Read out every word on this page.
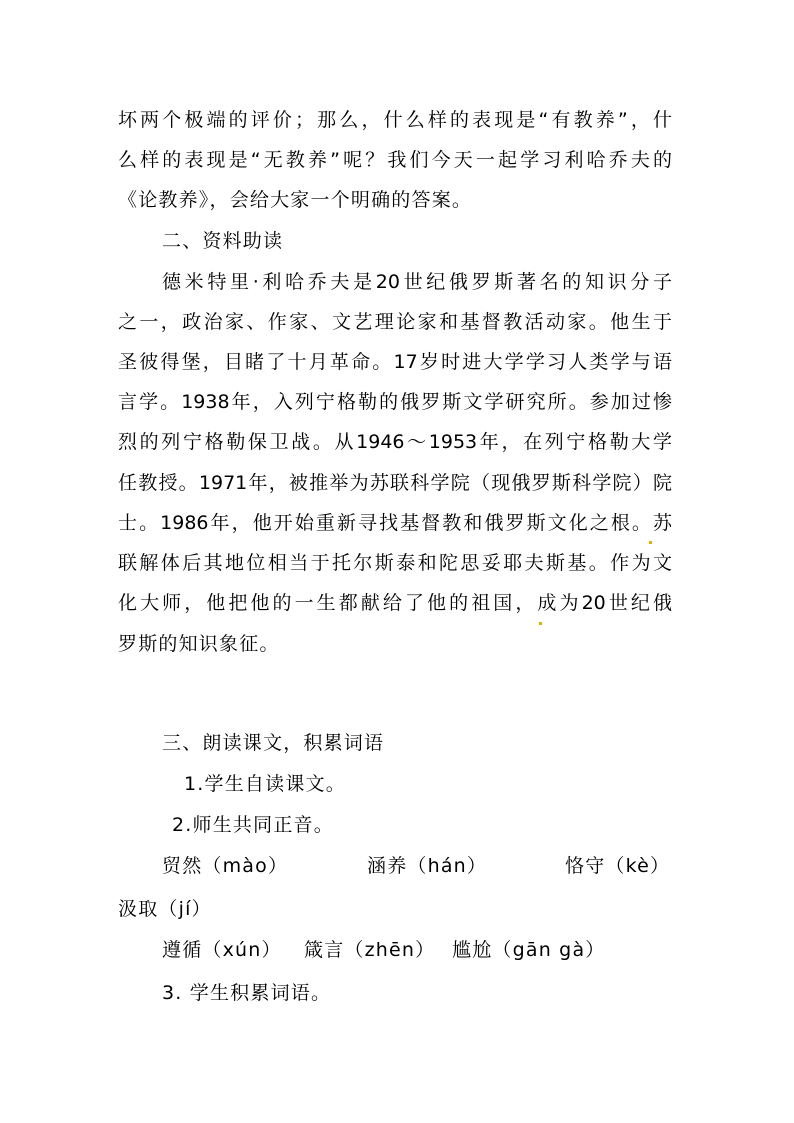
坏两个极端的评价；那么，什么样的表现是“有教养”，什
么样的表现是“无教养”呢？我们今天一起学习利哈乔夫的
《论教养》，会给大家一个明确的答案。
二、资料助读
德米特里·利哈乔夫是20世纪俄罗斯著名的知识分子
之一，政治家、作家、文艺理论家和基督教活动家。他生于
圣彼得堡，目睹了十月革命。17岁时进大学学习人类学与语
言学。1938年，入列宁格勒的俄罗斯文学研究所。参加过惨
烈的列宁格勒保卫战。从1946～1953年，在列宁格勒大学
任教授。1971年，被推举为苏联科学院（现俄罗斯科学院）院
士。1986年，他开始重新寻找基督教和俄罗斯文化之根。苏
联解体后其地位相当于托尔斯泰和陀思妥耶夫斯基。作为文
化大师，他把他的一生都献给了他的祖国，成为20世纪俄
罗斯的知识象征。
三、朗读课文，积累词语
1.学生自读课文。
2.师生共同正音。
贸然（mào）	涵养（hán）	恪守（kè）
汲取（jí）
遵循（xún） 箴言（zhēn） 尴尬（gān gà）
3. 学生积累词语。
